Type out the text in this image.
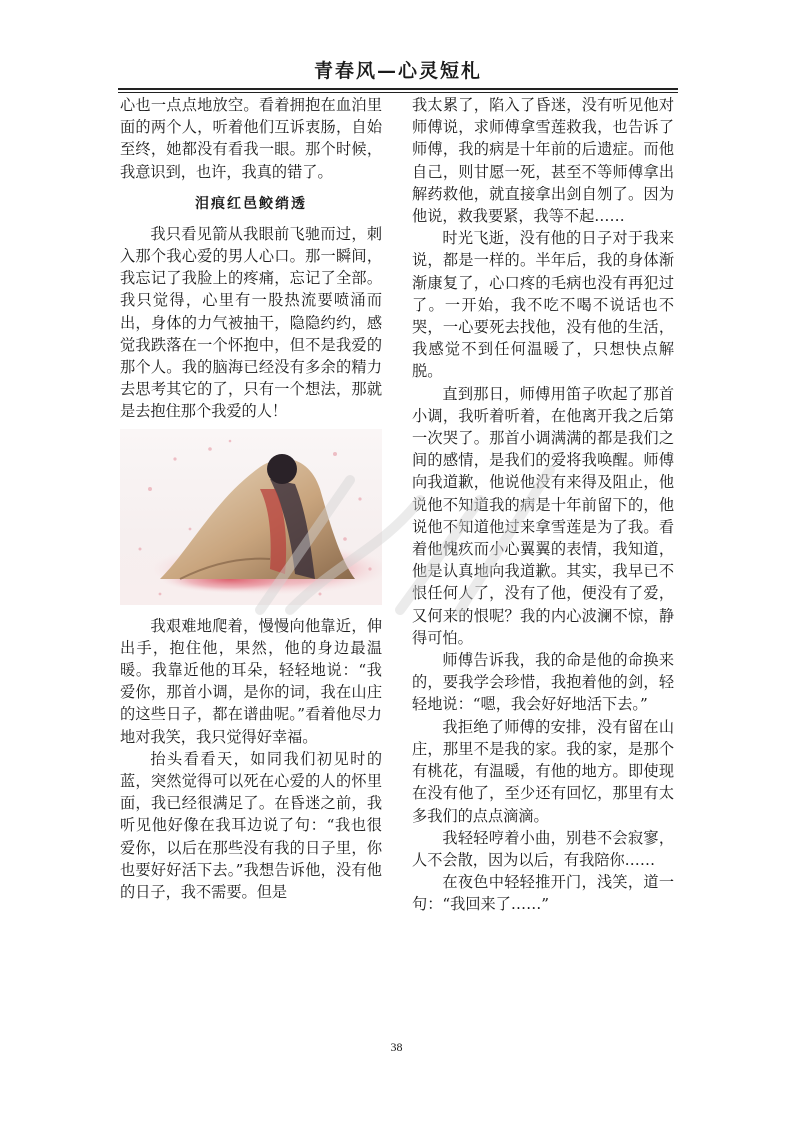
青春风—心灵短札

心也一点点地放空。看着拥抱在血泊里面的两个人，听着他们互诉衷肠，自始至终，她都没有看我一眼。那个时候，我意识到，也许，我真的错了。

泪痕红邑鲛绡透

我只看见箭从我眼前飞驰而过，刺入那个我心爱的男人心口。那一瞬间，我忘记了我脸上的疼痛，忘记了全部。我只觉得，心里有一股热流要喷涌而出，身体的力气被抽干，隐隐约约，感觉我跌落在一个怀抱中，但不是我爱的那个人。我的脑海已经没有多余的精力去思考其它的了，只有一个想法，那就是去抱住那个我爱的人！

我艰难地爬着，慢慢向他靠近，伸出手，抱住他，果然，他的身边最温暖。我靠近他的耳朵，轻轻地说：“我爱你，那首小调，是你的词，我在山庄的这些日子，都在谱曲呢。”看着他尽力地对我笑，我只觉得好幸福。

抬头看看天，如同我们初见时的蓝，突然觉得可以死在心爱的人的怀里面，我已经很满足了。在昏迷之前，我听见他好像在我耳边说了句：“我也很爱你，以后在那些没有我的日子里，你也要好好活下去。”我想告诉他，没有他的日子，我不需要。但是

我太累了，陷入了昏迷，没有听见他对师傅说，求师傅拿雪莲救我，也告诉了师傅，我的病是十年前的后遗症。而他自己，则甘愿一死，甚至不等师傅拿出解药救他，就直接拿出剑自刎了。因为他说，救我要紧，我等不起……

时光飞逝，没有他的日子对于我来说，都是一样的。半年后，我的身体渐渐康复了，心口疼的毛病也没有再犯过了。一开始，我不吃不喝不说话也不哭，一心要死去找他，没有他的生活，我感觉不到任何温暖了，只想快点解脱。

直到那日，师傅用笛子吹起了那首小调，我听着听着，在他离开我之后第一次哭了。那首小调满满的都是我们之间的感情，是我们的爱将我唤醒。师傅向我道歉，他说他没有来得及阻止，他说他不知道我的病是十年前留下的，他说他不知道他过来拿雪莲是为了我。看着他愧疚而小心翼翼的表情，我知道，他是认真地向我道歉。其实，我早已不恨任何人了，没有了他，便没有了爱，又何来的恨呢？我的内心波澜不惊，静得可怕。

师傅告诉我，我的命是他的命换来的，要我学会珍惜，我抱着他的剑，轻轻地说：“嗯，我会好好地活下去。”

我拒绝了师傅的安排，没有留在山庄，那里不是我的家。我的家，是那个有桃花，有温暖，有他的地方。即使现在没有他了，至少还有回忆，那里有太多我们的点点滴滴。

我轻轻哼着小曲，别巷不会寂寥，人不会散，因为以后，有我陪你……

在夜色中轻轻推开门，浅笑，道一句：“我回来了……”

38
